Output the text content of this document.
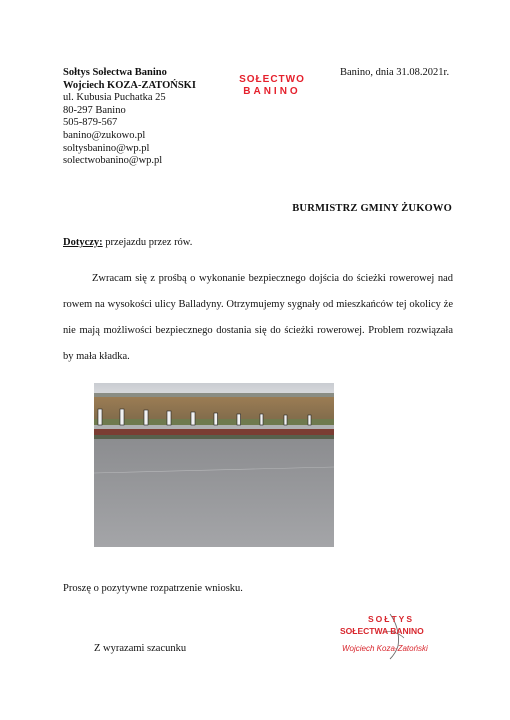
Sołtys Sołectwa Banino
Wojciech KOZA-ZATOŃSKI
ul. Kubusia Puchatka 25
80-297 Banino
505-879-567
banino@zukowo.pl
soltysbanino@wp.pl
solectwobanino@wp.pl
SOŁECTWO
BANINO
Banino, dnia 31.08.2021r.
BURMISTRZ GMINY ŻUKOWO
Dotyczy: przejazdu przez rów.
Zwracam się z prośbą o wykonanie bezpiecznego dojścia do ścieżki rowerowej nad rowem na wysokości ulicy Balladyny. Otrzymujemy sygnały od mieszkańców tej okolicy że nie mają możliwości bezpiecznego dostania się do ścieżki rowerowej. Problem rozwiązała by mała kładka.
Proszę o pozytywne rozpatrzenie wniosku.
Z wyrazami szacunku
SOŁTYS
SOŁECTWA BANINO
Wojciech Koza-Zatoński
